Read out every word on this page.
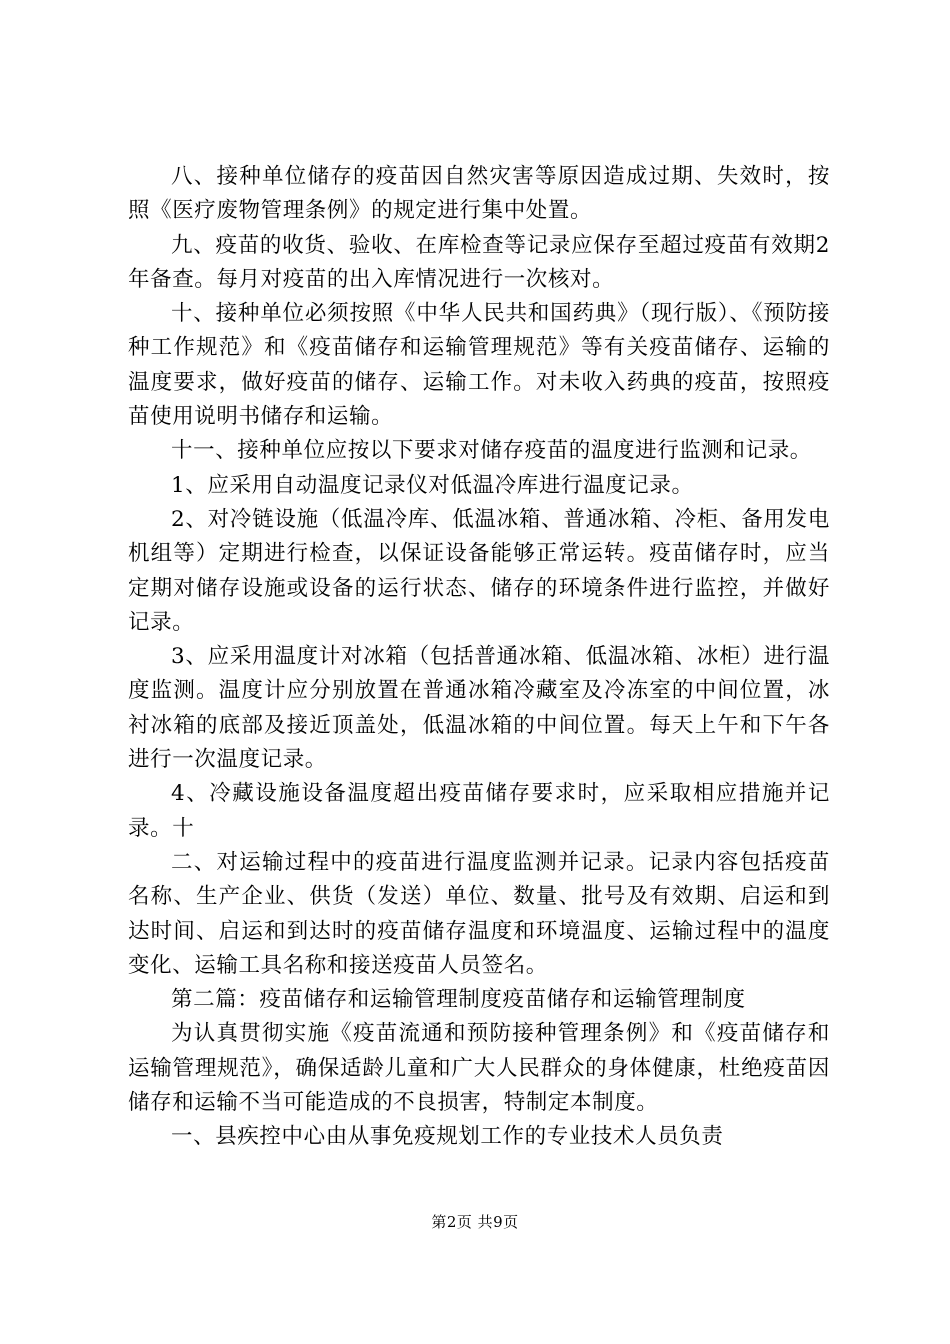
八、接种单位储存的疫苗因自然灾害等原因造成过期、失效时，按照《医疗废物管理条例》的规定进行集中处置。

九、疫苗的收货、验收、在库检查等记录应保存至超过疫苗有效期2年备查。每月对疫苗的出入库情况进行一次核对。

十、接种单位必须按照《中华人民共和国药典》（现行版）、《预防接种工作规范》和《疫苗储存和运输管理规范》等有关疫苗储存、运输的温度要求，做好疫苗的储存、运输工作。对未收入药典的疫苗，按照疫苗使用说明书储存和运输。

十一、接种单位应按以下要求对储存疫苗的温度进行监测和记录。

1、应采用自动温度记录仪对低温冷库进行温度记录。

2、对冷链设施（低温冷库、低温冰箱、普通冰箱、冷柜、备用发电机组等）定期进行检查，以保证设备能够正常运转。疫苗储存时，应当定期对储存设施或设备的运行状态、储存的环境条件进行监控，并做好记录。

3、应采用温度计对冰箱（包括普通冰箱、低温冰箱、冰柜）进行温度监测。温度计应分别放置在普通冰箱冷藏室及冷冻室的中间位置，冰衬冰箱的底部及接近顶盖处，低温冰箱的中间位置。每天上午和下午各进行一次温度记录。

4、冷藏设施设备温度超出疫苗储存要求时，应采取相应措施并记录。十

二、对运输过程中的疫苗进行温度监测并记录。记录内容包括疫苗名称、生产企业、供货（发送）单位、数量、批号及有效期、启运和到达时间、启运和到达时的疫苗储存温度和环境温度、运输过程中的温度变化、运输工具名称和接送疫苗人员签名。

第二篇：疫苗储存和运输管理制度疫苗储存和运输管理制度

为认真贯彻实施《疫苗流通和预防接种管理条例》和《疫苗储存和运输管理规范》，确保适龄儿童和广大人民群众的身体健康，杜绝疫苗因储存和运输不当可能造成的不良损害，特制定本制度。

一、县疾控中心由从事免疫规划工作的专业技术人员负责

第2页 共9页
